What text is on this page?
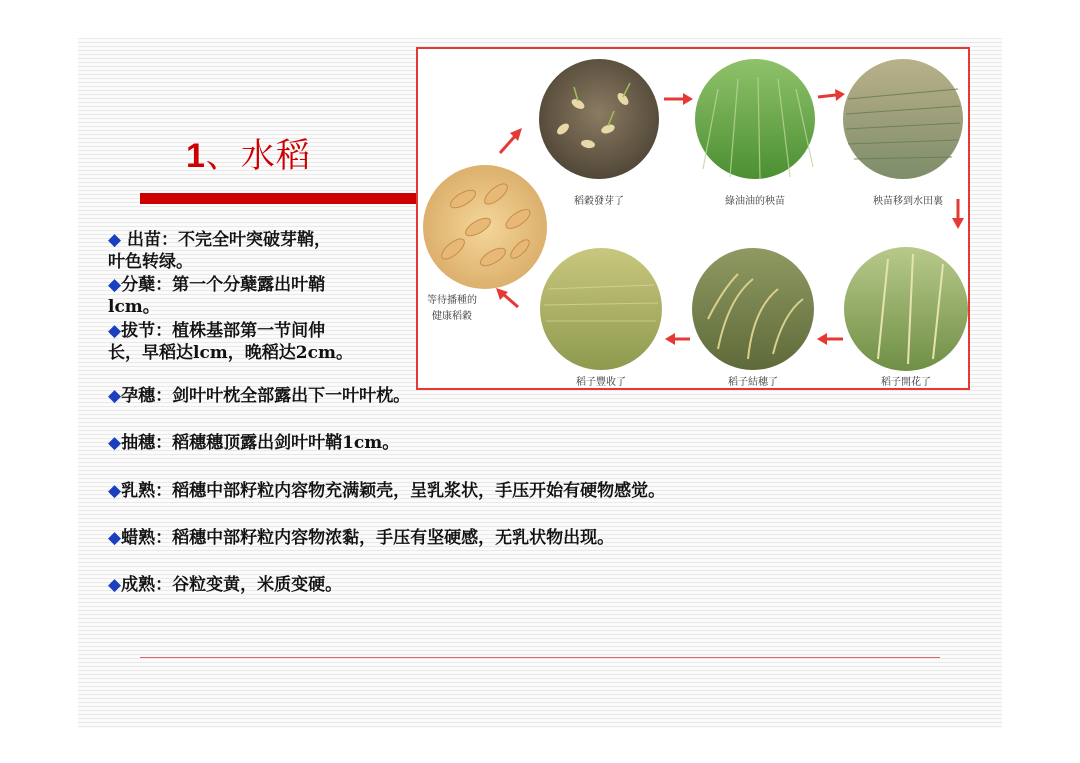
1、水稻
◆ 出苗：不完全叶突破芽鞘，
叶色转绿。
◆分蘖：第一个分蘖露出叶鞘
lcm。
◆拔节：植株基部第一节间伸
长，早稻达lcm，晚稻达2cm。
◆孕穗：剑叶叶枕全部露出下一叶叶枕。
◆抽穗：稻穗穗顶露出剑叶叶鞘1cm。
◆乳熟：稻穗中部籽粒内容物充满颖壳，呈乳浆状，手压开始有硬物感觉。
◆蜡熟：稻穗中部籽粒内容物浓黏，手压有坚硬感，无乳状物出现。
◆成熟：谷粒变黄，米质变硬。
稻穀發芽了	綠油油的秧苗	秧苗移到水田裏
等待播種的
健康稻穀
稻子豐收了	稻子結穗了	稻子開花了
